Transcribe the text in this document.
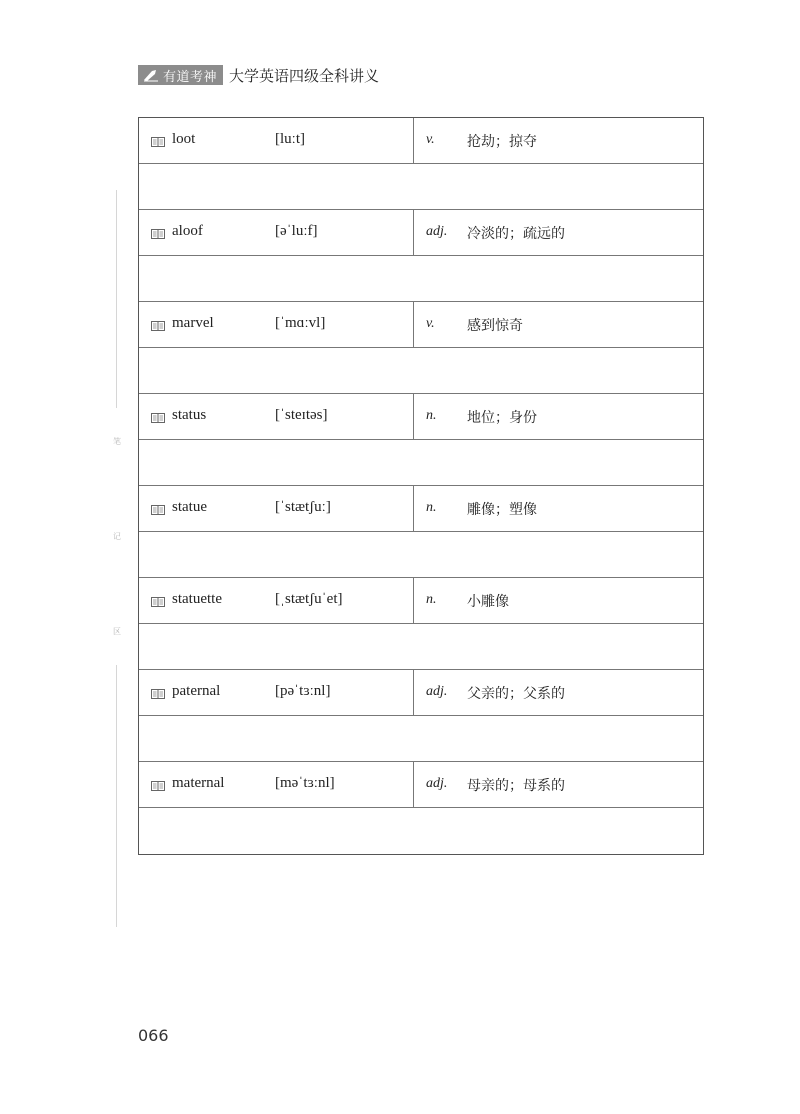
有道考神 大学英语四级全科讲义
笔
记
区
loot	[luːt]	v. 抢劫；掠夺
aloof	[əˈluːf]	adj. 冷淡的；疏远的
marvel	[ˈmɑːvl]	v. 感到惊奇
status	[ˈsteɪtəs]	n. 地位；身份
statue	[ˈstætʃuː]	n. 雕像；塑像
statuette	[ˌstætʃuˈet]	n. 小雕像
paternal	[pəˈtɜːnl]	adj. 父亲的；父系的
maternal	[məˈtɜːnl]	adj. 母亲的；母系的
066
